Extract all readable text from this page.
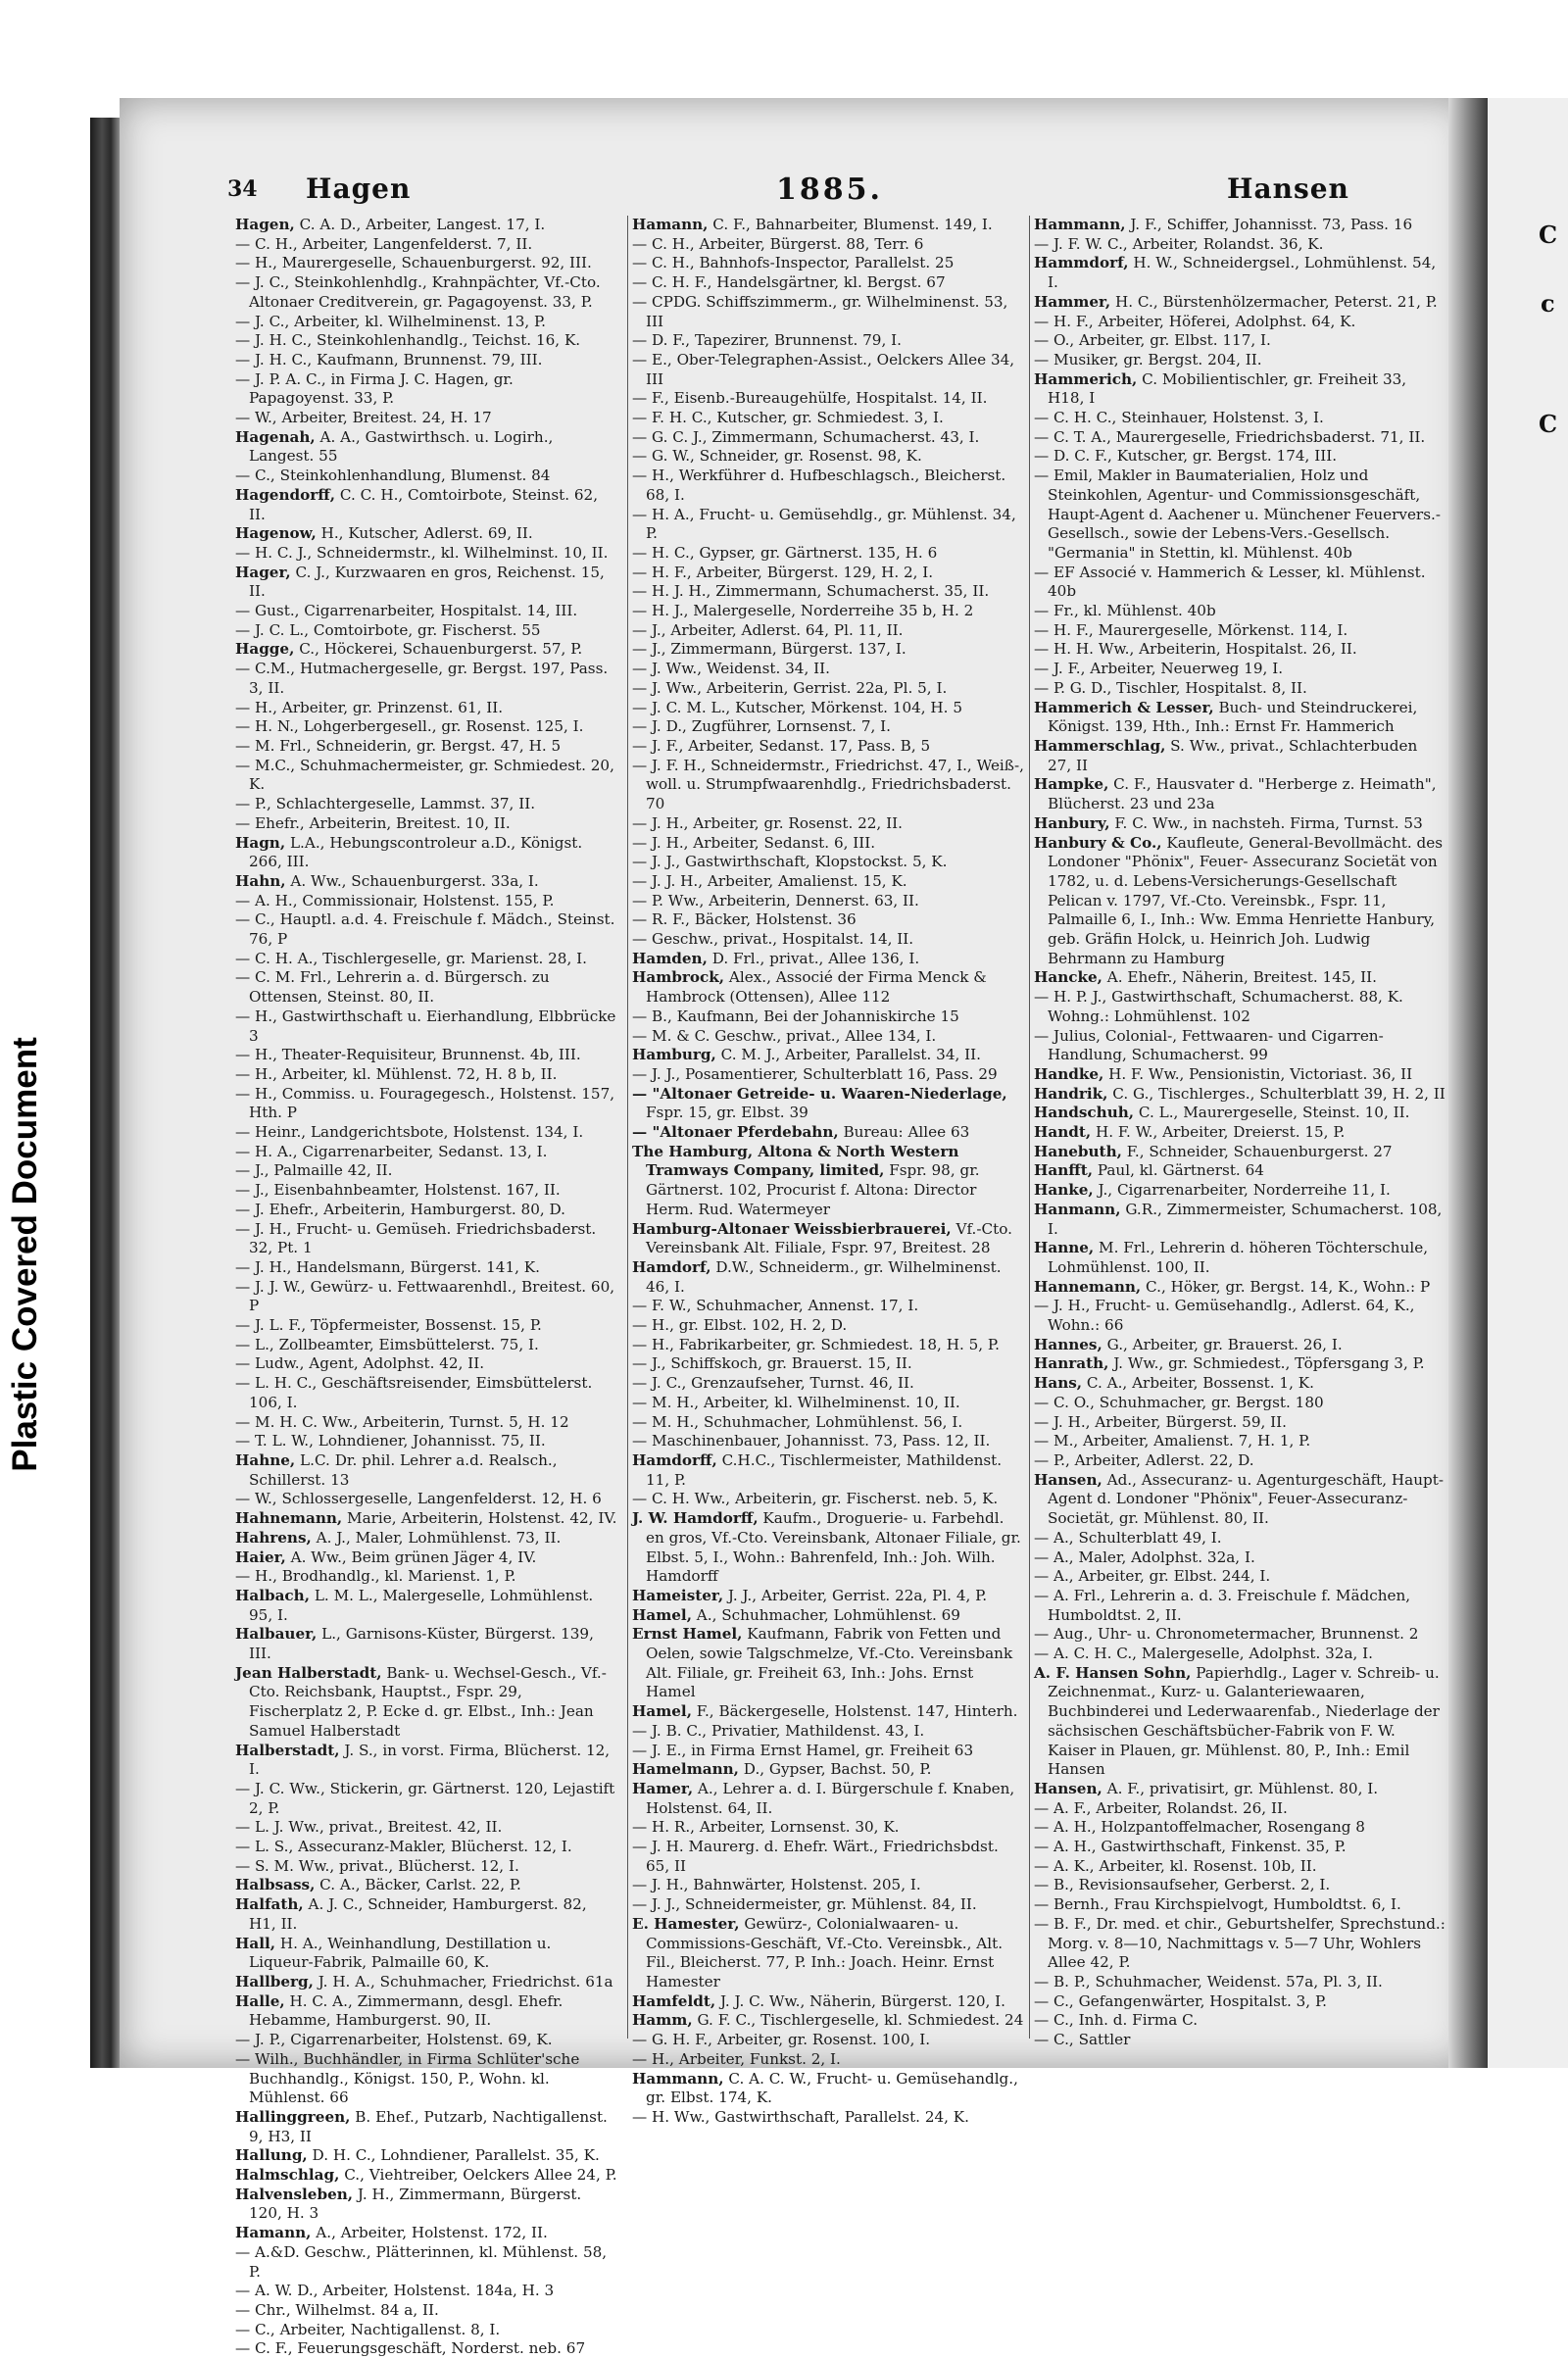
Plastic Covered Document
C
c
C
34 Hagen	1885.	Hansen

Hagen, C. A. D., Arbeiter, Langest. 17, I.

— C. H., Arbeiter, Langenfelderst. 7, II.

— H., Maurergeselle, Schauenburgerst. 92, III.

— J. C., Steinkohlenhdlg., Krahnpächter, Vf.-Cto. Altonaer Creditverein, gr. Pagagoyenst. 33, P.

— J. C., Arbeiter, kl. Wilhelminenst. 13, P.

— J. H. C., Steinkohlenhandlg., Teichst. 16, K.

— J. H. C., Kaufmann, Brunnenst. 79, III.

— J. P. A. C., in Firma J. C. Hagen, gr. Papagoyenst. 33, P.

— W., Arbeiter, Breitest. 24, H. 17

Hagenah, A. A., Gastwirthsch. u. Logirh., Langest. 55

— C., Steinkohlenhandlung, Blumenst. 84

Hagendorff, C. C. H., Comtoirbote, Steinst. 62, II.

Hagenow, H., Kutscher, Adlerst. 69, II.

— H. C. J., Schneidermstr., kl. Wilhelminst. 10, II.

Hager, C. J., Kurzwaaren en gros, Reichenst. 15, II.

— Gust., Cigarrenarbeiter, Hospitalst. 14, III.

— J. C. L., Comtoirbote, gr. Fischerst. 55

Hagge, C., Höckerei, Schauenburgerst. 57, P.

— C.M., Hutmachergeselle, gr. Bergst. 197, Pass. 3, II.

— H., Arbeiter, gr. Prinzenst. 61, II.

— H. N., Lohgerbergesell., gr. Rosenst. 125, I.

— M. Frl., Schneiderin, gr. Bergst. 47, H. 5

— M.C., Schuhmachermeister, gr. Schmiedest. 20, K.

— P., Schlachtergeselle, Lammst. 37, II.

— Ehefr., Arbeiterin, Breitest. 10, II.

Hagn, L.A., Hebungscontroleur a.D., Königst. 266, III.

Hahn, A. Ww., Schauenburgerst. 33a, I.

— A. H., Commissionair, Holstenst. 155, P.

— C., Hauptl. a.d. 4. Freischule f. Mädch., Steinst. 76, P

— C. H. A., Tischlergeselle, gr. Marienst. 28, I.

— C. M. Frl., Lehrerin a. d. Bürgersch. zu Ottensen, Steinst. 80, II.

— H., Gastwirthschaft u. Eierhandlung, Elbbrücke 3

— H., Theater-Requisiteur, Brunnenst. 4b, III.

— H., Arbeiter, kl. Mühlenst. 72, H. 8 b, II.

— H., Commiss. u. Fouragegesch., Holstenst. 157, Hth. P

— Heinr., Landgerichtsbote, Holstenst. 134, I.

— H. A., Cigarrenarbeiter, Sedanst. 13, I.

— J., Palmaille 42, II.

— J., Eisenbahnbeamter, Holstenst. 167, II.

— J. Ehefr., Arbeiterin, Hamburgerst. 80, D.

— J. H., Frucht- u. Gemüseh. Friedrichsbaderst. 32, Pt. 1

— J. H., Handelsmann, Bürgerst. 141, K.

— J. J. W., Gewürz- u. Fettwaarenhdl., Breitest. 60, P

— J. L. F., Töpfermeister, Bossenst. 15, P.

— L., Zollbeamter, Eimsbüttelerst. 75, I.

— Ludw., Agent, Adolphst. 42, II.

— L. H. C., Geschäftsreisender, Eimsbüttelerst. 106, I.

— M. H. C. Ww., Arbeiterin, Turnst. 5, H. 12

— T. L. W., Lohndiener, Johannisst. 75, II.

Hahne, L.C. Dr. phil. Lehrer a.d. Realsch., Schillerst. 13

— W., Schlossergeselle, Langenfelderst. 12, H. 6

Hahnemann, Marie, Arbeiterin, Holstenst. 42, IV.

Hahrens, A. J., Maler, Lohmühlenst. 73, II.

Haier, A. Ww., Beim grünen Jäger 4, IV.

— H., Brodhandlg., kl. Marienst. 1, P.

Halbach, L. M. L., Malergeselle, Lohmühlenst. 95, I.

Halbauer, L., Garnisons-Küster, Bürgerst. 139, III.

Jean Halberstadt, Bank- u. Wechsel-Gesch., Vf.-Cto. Reichsbank, Hauptst., Fspr. 29, Fischerplatz 2, P. Ecke d. gr. Elbst., Inh.: Jean Samuel Halberstadt

Halberstadt, J. S., in vorst. Firma, Blücherst. 12, I.

— J. C. Ww., Stickerin, gr. Gärtnerst. 120, Lejastift 2, P.

— L. J. Ww., privat., Breitest. 42, II.

— L. S., Assecuranz-Makler, Blücherst. 12, I.

— S. M. Ww., privat., Blücherst. 12, I.

Halbsass, C. A., Bäcker, Carlst. 22, P.

Halfath, A. J. C., Schneider, Hamburgerst. 82, H1, II.

Hall, H. A., Weinhandlung, Destillation u. Liqueur-Fabrik, Palmaille 60, K.

Hallberg, J. H. A., Schuhmacher, Friedrichst. 61a

Halle, H. C. A., Zimmermann, desgl. Ehefr. Hebamme, Hamburgerst. 90, II.

— J. P., Cigarrenarbeiter, Holstenst. 69, K.

— Wilh., Buchhändler, in Firma Schlüter'sche Buchhandlg., Königst. 150, P., Wohn. kl. Mühlenst. 66

Hallinggreen, B. Ehef., Putzarb, Nachtigallenst. 9, H3, II

Hallung, D. H. C., Lohndiener, Parallelst. 35, K.

Halmschlag, C., Viehtreiber, Oelckers Allee 24, P.

Halvensleben, J. H., Zimmermann, Bürgerst. 120, H. 3

Hamann, A., Arbeiter, Holstenst. 172, II.

— A.&D. Geschw., Plätterinnen, kl. Mühlenst. 58, P.

— A. W. D., Arbeiter, Holstenst. 184a, H. 3

— Chr., Wilhelmst. 84 a, II.

— C., Arbeiter, Nachtigallenst. 8, I.

— C. F., Feuerungsgeschäft, Norderst. neb. 67

Hamann, C. F., Bahnarbeiter, Blumenst. 149, I.

— C. H., Arbeiter, Bürgerst. 88, Terr. 6

— C. H., Bahnhofs-Inspector, Parallelst. 25

— C. H. F., Handelsgärtner, kl. Bergst. 67

— CPDG. Schiffszimmerm., gr. Wilhelminenst. 53, III

— D. F., Tapezirer, Brunnenst. 79, I.

— E., Ober-Telegraphen-Assist., Oelckers Allee 34, III

— F., Eisenb.-Bureaugehülfe, Hospitalst. 14, II.

— F. H. C., Kutscher, gr. Schmiedest. 3, I.

— G. C. J., Zimmermann, Schumacherst. 43, I.

— G. W., Schneider, gr. Rosenst. 98, K.

— H., Werkführer d. Hufbeschlagsch., Bleicherst. 68, I.

— H. A., Frucht- u. Gemüsehdlg., gr. Mühlenst. 34, P.

— H. C., Gypser, gr. Gärtnerst. 135, H. 6

— H. F., Arbeiter, Bürgerst. 129, H. 2, I.

— H. J. H., Zimmermann, Schumacherst. 35, II.

— H. J., Malergeselle, Norderreihe 35 b, H. 2

— J., Arbeiter, Adlerst. 64, Pl. 11, II.

— J., Zimmermann, Bürgerst. 137, I.

— J. Ww., Weidenst. 34, II.

— J. Ww., Arbeiterin, Gerrist. 22a, Pl. 5, I.

— J. C. M. L., Kutscher, Mörkenst. 104, H. 5

— J. D., Zugführer, Lornsenst. 7, I.

— J. F., Arbeiter, Sedanst. 17, Pass. B, 5

— J. F. H., Schneidermstr., Friedrichst. 47, I., Weiß-, woll. u. Strumpfwaarenhdlg., Friedrichsbaderst. 70

— J. H., Arbeiter, gr. Rosenst. 22, II.

— J. H., Arbeiter, Sedanst. 6, III.

— J. J., Gastwirthschaft, Klopstockst. 5, K.

— J. J. H., Arbeiter, Amalienst. 15, K.

— P. Ww., Arbeiterin, Dennerst. 63, II.

— R. F., Bäcker, Holstenst. 36

— Geschw., privat., Hospitalst. 14, II.

Hamden, D. Frl., privat., Allee 136, I.

Hambrock, Alex., Associé der Firma Menck & Hambrock (Ottensen), Allee 112

— B., Kaufmann, Bei der Johanniskirche 15

— M. & C. Geschw., privat., Allee 134, I.

Hamburg, C. M. J., Arbeiter, Parallelst. 34, II.

— J. J., Posamentierer, Schulterblatt 16, Pass. 29

— "Altonaer Getreide- u. Waaren-Niederlage, Fspr. 15, gr. Elbst. 39

— "Altonaer Pferdebahn, Bureau: Allee 63

The Hamburg, Altona & North Western Tramways Company, limited, Fspr. 98, gr. Gärtnerst. 102, Procurist f. Altona: Director Herm. Rud. Watermeyer

Hamburg-Altonaer Weissbierbrauerei, Vf.-Cto. Vereinsbank Alt. Filiale, Fspr. 97, Breitest. 28

Hamdorf, D.W., Schneiderm., gr. Wilhelminenst. 46, I.

— F. W., Schuhmacher, Annenst. 17, I.

— H., gr. Elbst. 102, H. 2, D.

— H., Fabrikarbeiter, gr. Schmiedest. 18, H. 5, P.

— J., Schiffskoch, gr. Brauerst. 15, II.

— J. C., Grenzaufseher, Turnst. 46, II.

— M. H., Arbeiter, kl. Wilhelminenst. 10, II.

— M. H., Schuhmacher, Lohmühlenst. 56, I.

— Maschinenbauer, Johannisst. 73, Pass. 12, II.

Hamdorff, C.H.C., Tischlermeister, Mathildenst. 11, P.

— C. H. Ww., Arbeiterin, gr. Fischerst. neb. 5, K.

J. W. Hamdorff, Kaufm., Droguerie- u. Farbehdl. en gros, Vf.-Cto. Vereinsbank, Altonaer Filiale, gr. Elbst. 5, I., Wohn.: Bahrenfeld, Inh.: Joh. Wilh. Hamdorff

Hameister, J. J., Arbeiter, Gerrist. 22a, Pl. 4, P.

Hamel, A., Schuhmacher, Lohmühlenst. 69

Ernst Hamel, Kaufmann, Fabrik von Fetten und Oelen, sowie Talgschmelze, Vf.-Cto. Vereinsbank Alt. Filiale, gr. Freiheit 63, Inh.: Johs. Ernst Hamel

Hamel, F., Bäckergeselle, Holstenst. 147, Hinterh.

— J. B. C., Privatier, Mathildenst. 43, I.

— J. E., in Firma Ernst Hamel, gr. Freiheit 63

Hamelmann, D., Gypser, Bachst. 50, P.

Hamer, A., Lehrer a. d. I. Bürgerschule f. Knaben, Holstenst. 64, II.

— H. R., Arbeiter, Lornsenst. 30, K.

— J. H. Maurerg. d. Ehefr. Wärt., Friedrichsbdst. 65, II

— J. H., Bahnwärter, Holstenst. 205, I.

— J. J., Schneidermeister, gr. Mühlenst. 84, II.

E. Hamester, Gewürz-, Colonialwaaren- u. Commissions-Geschäft, Vf.-Cto. Vereinsbk., Alt. Fil., Bleicherst. 77, P. Inh.: Joach. Heinr. Ernst Hamester

Hamfeldt, J. J. C. Ww., Näherin, Bürgerst. 120, I.

Hamm, G. F. C., Tischlergeselle, kl. Schmiedest. 24

— G. H. F., Arbeiter, gr. Rosenst. 100, I.

— H., Arbeiter, Funkst. 2, I.

Hammann, C. A. C. W., Frucht- u. Gemüsehandlg., gr. Elbst. 174, K.

— H. Ww., Gastwirthschaft, Parallelst. 24, K.

Hammann, J. F., Schiffer, Johannisst. 73, Pass. 16

— J. F. W. C., Arbeiter, Rolandst. 36, K.

Hammdorf, H. W., Schneidergsel., Lohmühlenst. 54, I.

Hammer, H. C., Bürstenhölzermacher, Peterst. 21, P.

— H. F., Arbeiter, Höferei, Adolphst. 64, K.

— O., Arbeiter, gr. Elbst. 117, I.

— Musiker, gr. Bergst. 204, II.

Hammerich, C. Mobilientischler, gr. Freiheit 33, H18, I

— C. H. C., Steinhauer, Holstenst. 3, I.

— C. T. A., Maurergeselle, Friedrichsbaderst. 71, II.

— D. C. F., Kutscher, gr. Bergst. 174, III.

— Emil, Makler in Baumaterialien, Holz und Steinkohlen, Agentur- und Commissionsgeschäft, Haupt-Agent d. Aachener u. Münchener Feuervers.-Gesellsch., sowie der Lebens-Vers.-Gesellsch. "Germania" in Stettin, kl. Mühlenst. 40b

— EF Associé v. Hammerich & Lesser, kl. Mühlenst. 40b

— Fr., kl. Mühlenst. 40b

— H. F., Maurergeselle, Mörkenst. 114, I.

— H. H. Ww., Arbeiterin, Hospitalst. 26, II.

— J. F., Arbeiter, Neuerweg 19, I.

— P. G. D., Tischler, Hospitalst. 8, II.

Hammerich & Lesser, Buch- und Steindruckerei, Königst. 139, Hth., Inh.: Ernst Fr. Hammerich

Hammerschlag, S. Ww., privat., Schlachterbuden 27, II

Hampke, C. F., Hausvater d. "Herberge z. Heimath", Blücherst. 23 und 23a

Hanbury, F. C. Ww., in nachsteh. Firma, Turnst. 53

Hanbury & Co., Kaufleute, General-Bevollmächt. des Londoner "Phönix", Feuer- Assecuranz Societät von 1782, u. d. Lebens-Versicherungs-Gesellschaft Pelican v. 1797, Vf.-Cto. Vereinsbk., Fspr. 11, Palmaille 6, I., Inh.: Ww. Emma Henriette Hanbury, geb. Gräfin Holck, u. Heinrich Joh. Ludwig Behrmann zu Hamburg

Hancke, A. Ehefr., Näherin, Breitest. 145, II.

— H. P. J., Gastwirthschaft, Schumacherst. 88, K. Wohng.: Lohmühlenst. 102

— Julius, Colonial-, Fettwaaren- und Cigarren-Handlung, Schumacherst. 99

Handke, H. F. Ww., Pensionistin, Victoriast. 36, II

Handrik, C. G., Tischlerges., Schulterblatt 39, H. 2, II

Handschuh, C. L., Maurergeselle, Steinst. 10, II.

Handt, H. F. W., Arbeiter, Dreierst. 15, P.

Hanebuth, F., Schneider, Schauenburgerst. 27

Hanfft, Paul, kl. Gärtnerst. 64

Hanke, J., Cigarrenarbeiter, Norderreihe 11, I.

Hanmann, G.R., Zimmermeister, Schumacherst. 108, I.

Hanne, M. Frl., Lehrerin d. höheren Töchterschule, Lohmühlenst. 100, II.

Hannemann, C., Höker, gr. Bergst. 14, K., Wohn.: P

— J. H., Frucht- u. Gemüsehandlg., Adlerst. 64, K., Wohn.: 66

Hannes, G., Arbeiter, gr. Brauerst. 26, I.

Hanrath, J. Ww., gr. Schmiedest., Töpfersgang 3, P.

Hans, C. A., Arbeiter, Bossenst. 1, K.

— C. O., Schuhmacher, gr. Bergst. 180

— J. H., Arbeiter, Bürgerst. 59, II.

— M., Arbeiter, Amalienst. 7, H. 1, P.

— P., Arbeiter, Adlerst. 22, D.

Hansen, Ad., Assecuranz- u. Agenturgeschäft, Haupt-Agent d. Londoner "Phönix", Feuer-Assecuranz-Societät, gr. Mühlenst. 80, II.

— A., Schulterblatt 49, I.

— A., Maler, Adolphst. 32a, I.

— A., Arbeiter, gr. Elbst. 244, I.

— A. Frl., Lehrerin a. d. 3. Freischule f. Mädchen, Humboldtst. 2, II.

— Aug., Uhr- u. Chronometermacher, Brunnenst. 2

— A. C. H. C., Malergeselle, Adolphst. 32a, I.

A. F. Hansen Sohn, Papierhdlg., Lager v. Schreib- u. Zeichnenmat., Kurz- u. Galanteriewaaren, Buchbinderei und Lederwaarenfab., Niederlage der sächsischen Geschäftsbücher-Fabrik von F. W. Kaiser in Plauen, gr. Mühlenst. 80, P., Inh.: Emil Hansen

Hansen, A. F., privatisirt, gr. Mühlenst. 80, I.

— A. F., Arbeiter, Rolandst. 26, II.

— A. H., Holzpantoffelmacher, Rosengang 8

— A. H., Gastwirthschaft, Finkenst. 35, P.

— A. K., Arbeiter, kl. Rosenst. 10b, II.

— B., Revisionsaufseher, Gerberst. 2, I.

— Bernh., Frau Kirchspielvogt, Humboldtst. 6, I.

— B. F., Dr. med. et chir., Geburtshelfer, Sprechstund.: Morg. v. 8—10, Nachmittags v. 5—7 Uhr, Wohlers Allee 42, P.

— B. P., Schuhmacher, Weidenst. 57a, Pl. 3, II.

— C., Gefangenwärter, Hospitalst. 3, P.

— C., Inh. d. Firma C.

— C., Sattler
